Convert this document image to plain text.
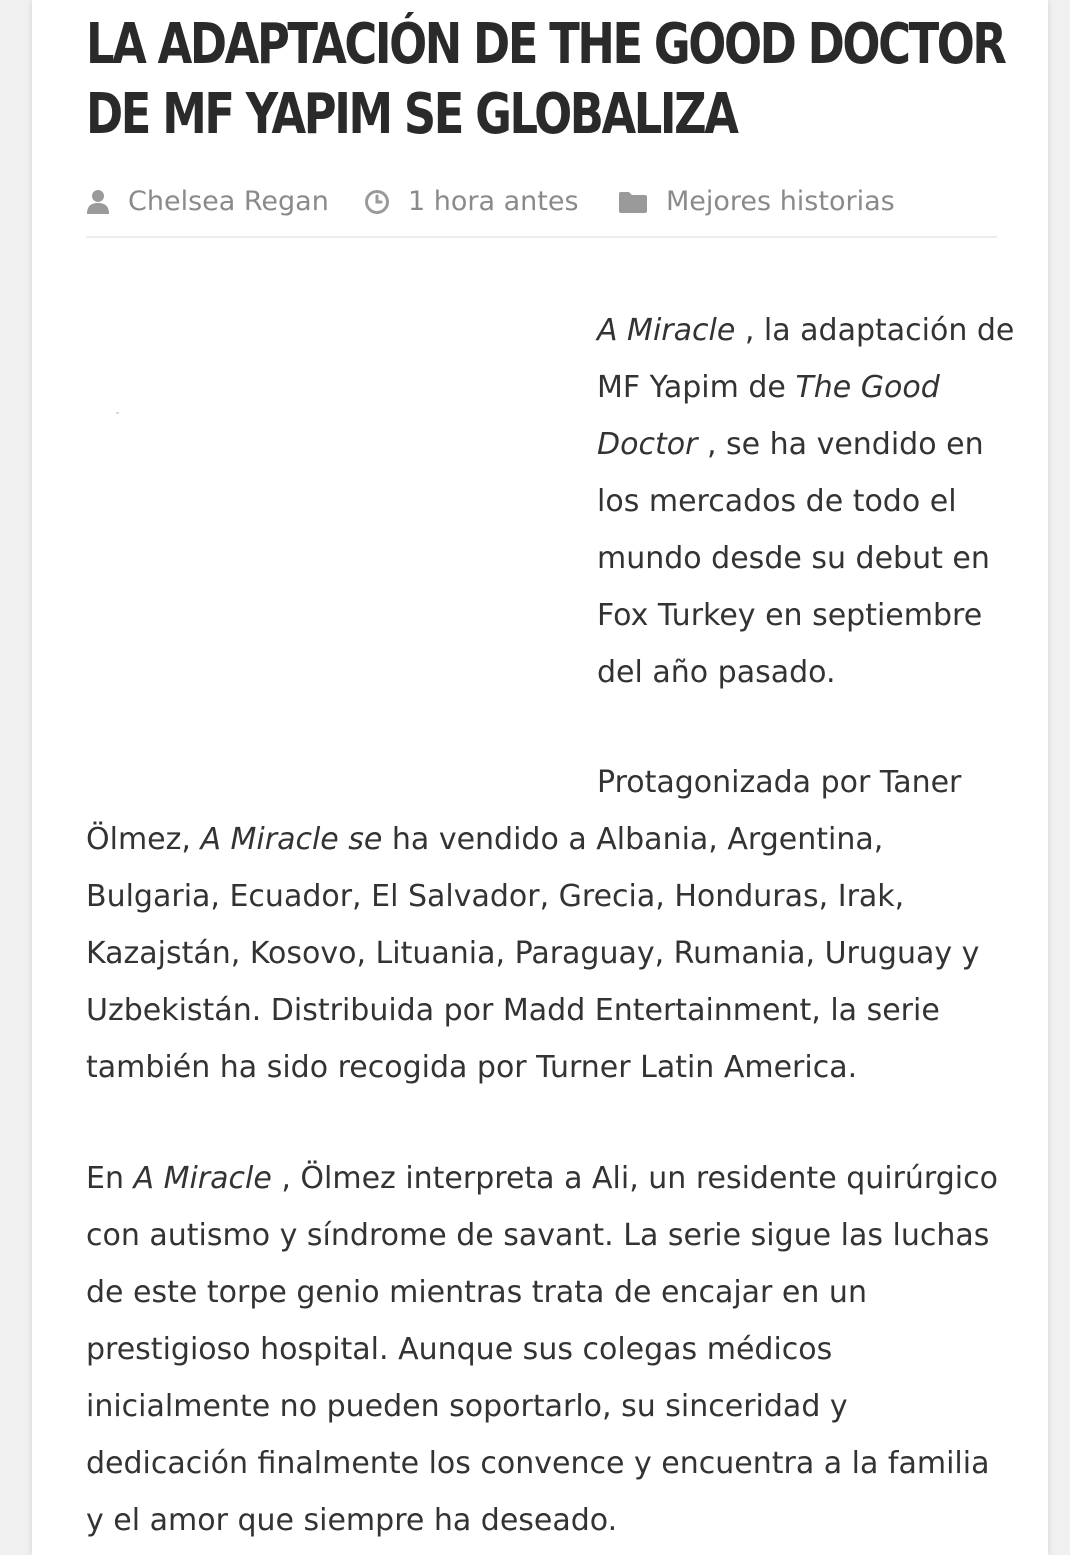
LA ADAPTACIÓN DE THE GOOD DOCTOR DE MF YAPIM SE GLOBALIZA
Chelsea Regan	1 hora antes	Mejores historias

A Miracle , la adaptación de MF Yapim de The Good Doctor , se ha vendido en los mercados de todo el mundo desde su debut en Fox Turkey en septiembre del año pasado.

Protagonizada por Taner Ölmez, A Miracle se ha vendido a Albania, Argentina, Bulgaria, Ecuador, El Salvador, Grecia, Honduras, Irak, Kazajstán, Kosovo, Lituania, Paraguay, Rumania, Uruguay y Uzbekistán. Distribuida por Madd Entertainment, la serie también ha sido recogida por Turner Latin America.

En A Miracle , Ölmez interpreta a Ali, un residente quirúrgico con autismo y síndrome de savant. La serie sigue las luchas de este torpe genio mientras trata de encajar en un prestigioso hospital. Aunque sus colegas médicos inicialmente no pueden soportarlo, su sinceridad y dedicación finalmente los convence y encuentra a la familia y el amor que siempre ha deseado.
